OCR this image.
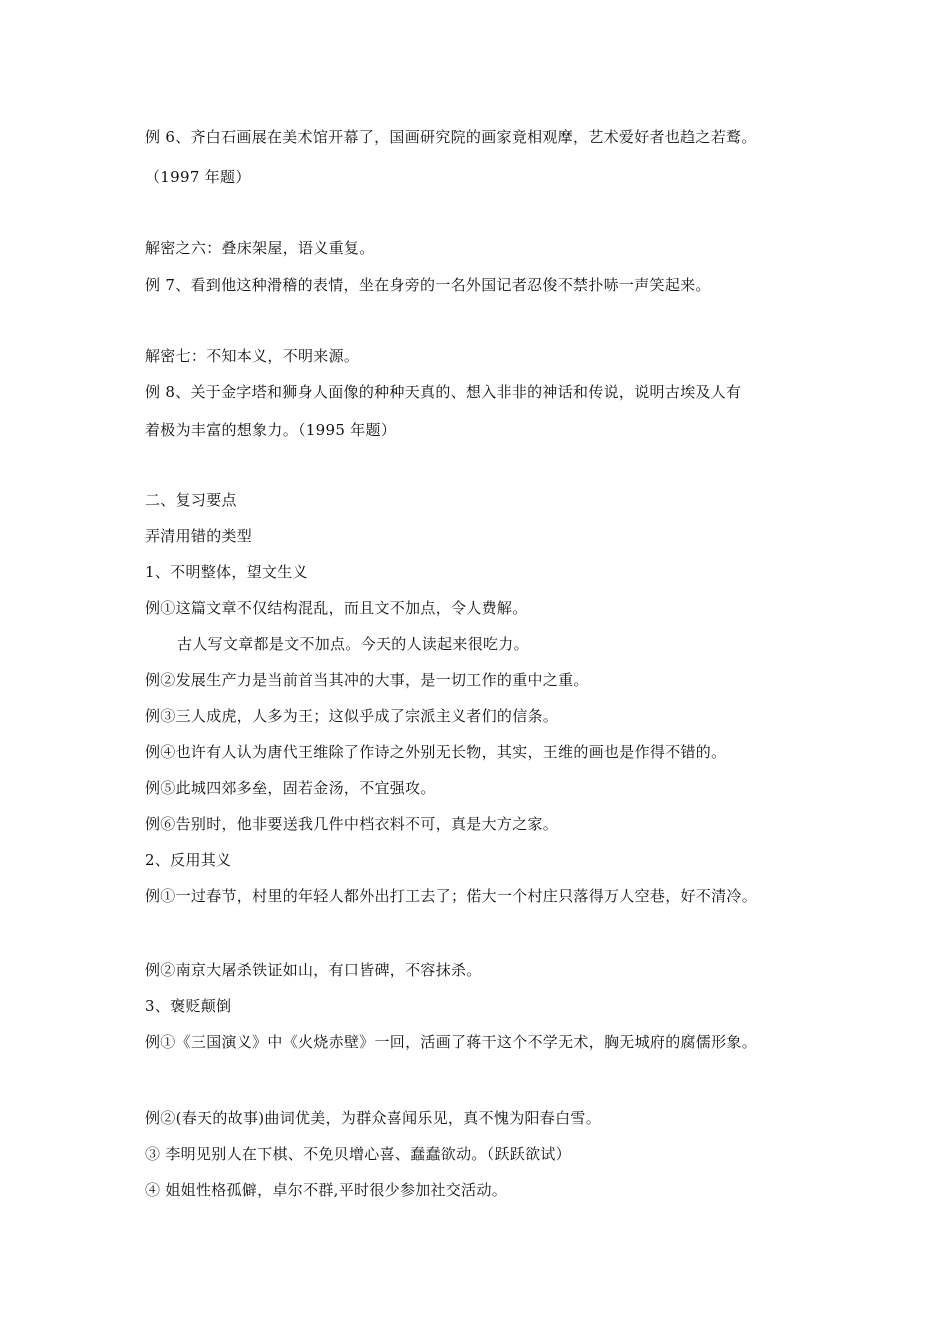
例 6、齐白石画展在美术馆开幕了，国画研究院的画家竟相观摩，艺术爱好者也趋之若鹜。
（1997 年题）
解密之六：叠床架屋，语义重复。
例 7、看到他这种滑稽的表情，坐在身旁的一名外国记者忍俊不禁扑哧一声笑起来。
解密七：不知本义，不明来源。
例 8、关于金字塔和狮身人面像的种种天真的、想入非非的神话和传说，说明古埃及人有
着极为丰富的想象力。（1995 年题）
二、复习要点
弄清用错的类型
1、不明整体，望文生义
例①这篇文章不仅结构混乱，而且文不加点，令人费解。
古人写文章都是文不加点。今天的人读起来很吃力。
例②发展生产力是当前首当其冲的大事，是一切工作的重中之重。
例③三人成虎，人多为王；这似乎成了宗派主义者们的信条。
例④也许有人认为唐代王维除了作诗之外别无长物，其实，王维的画也是作得不错的。
例⑤此城四郊多垒，固若金汤，不宜强攻。
例⑥告别时，他非要送我几件中档衣料不可，真是大方之家。
2、反用其义
例①一过春节，村里的年轻人都外出打工去了；偌大一个村庄只落得万人空巷，好不清冷。
例②南京大屠杀铁证如山，有口皆碑，不容抹杀。
3、褒贬颠倒
例①《三国演义》中《火烧赤壁》一回，活画了蒋干这个不学无术，胸无城府的腐儒形象。
例②(春天的故事)曲词优美，为群众喜闻乐见，真不愧为阳春白雪。
③ 李明见别人在下棋、不免贝增心喜、蠢蠢欲动。（跃跃欲试）
④ 姐姐性格孤僻，卓尔不群,平时很少参加社交活动。
